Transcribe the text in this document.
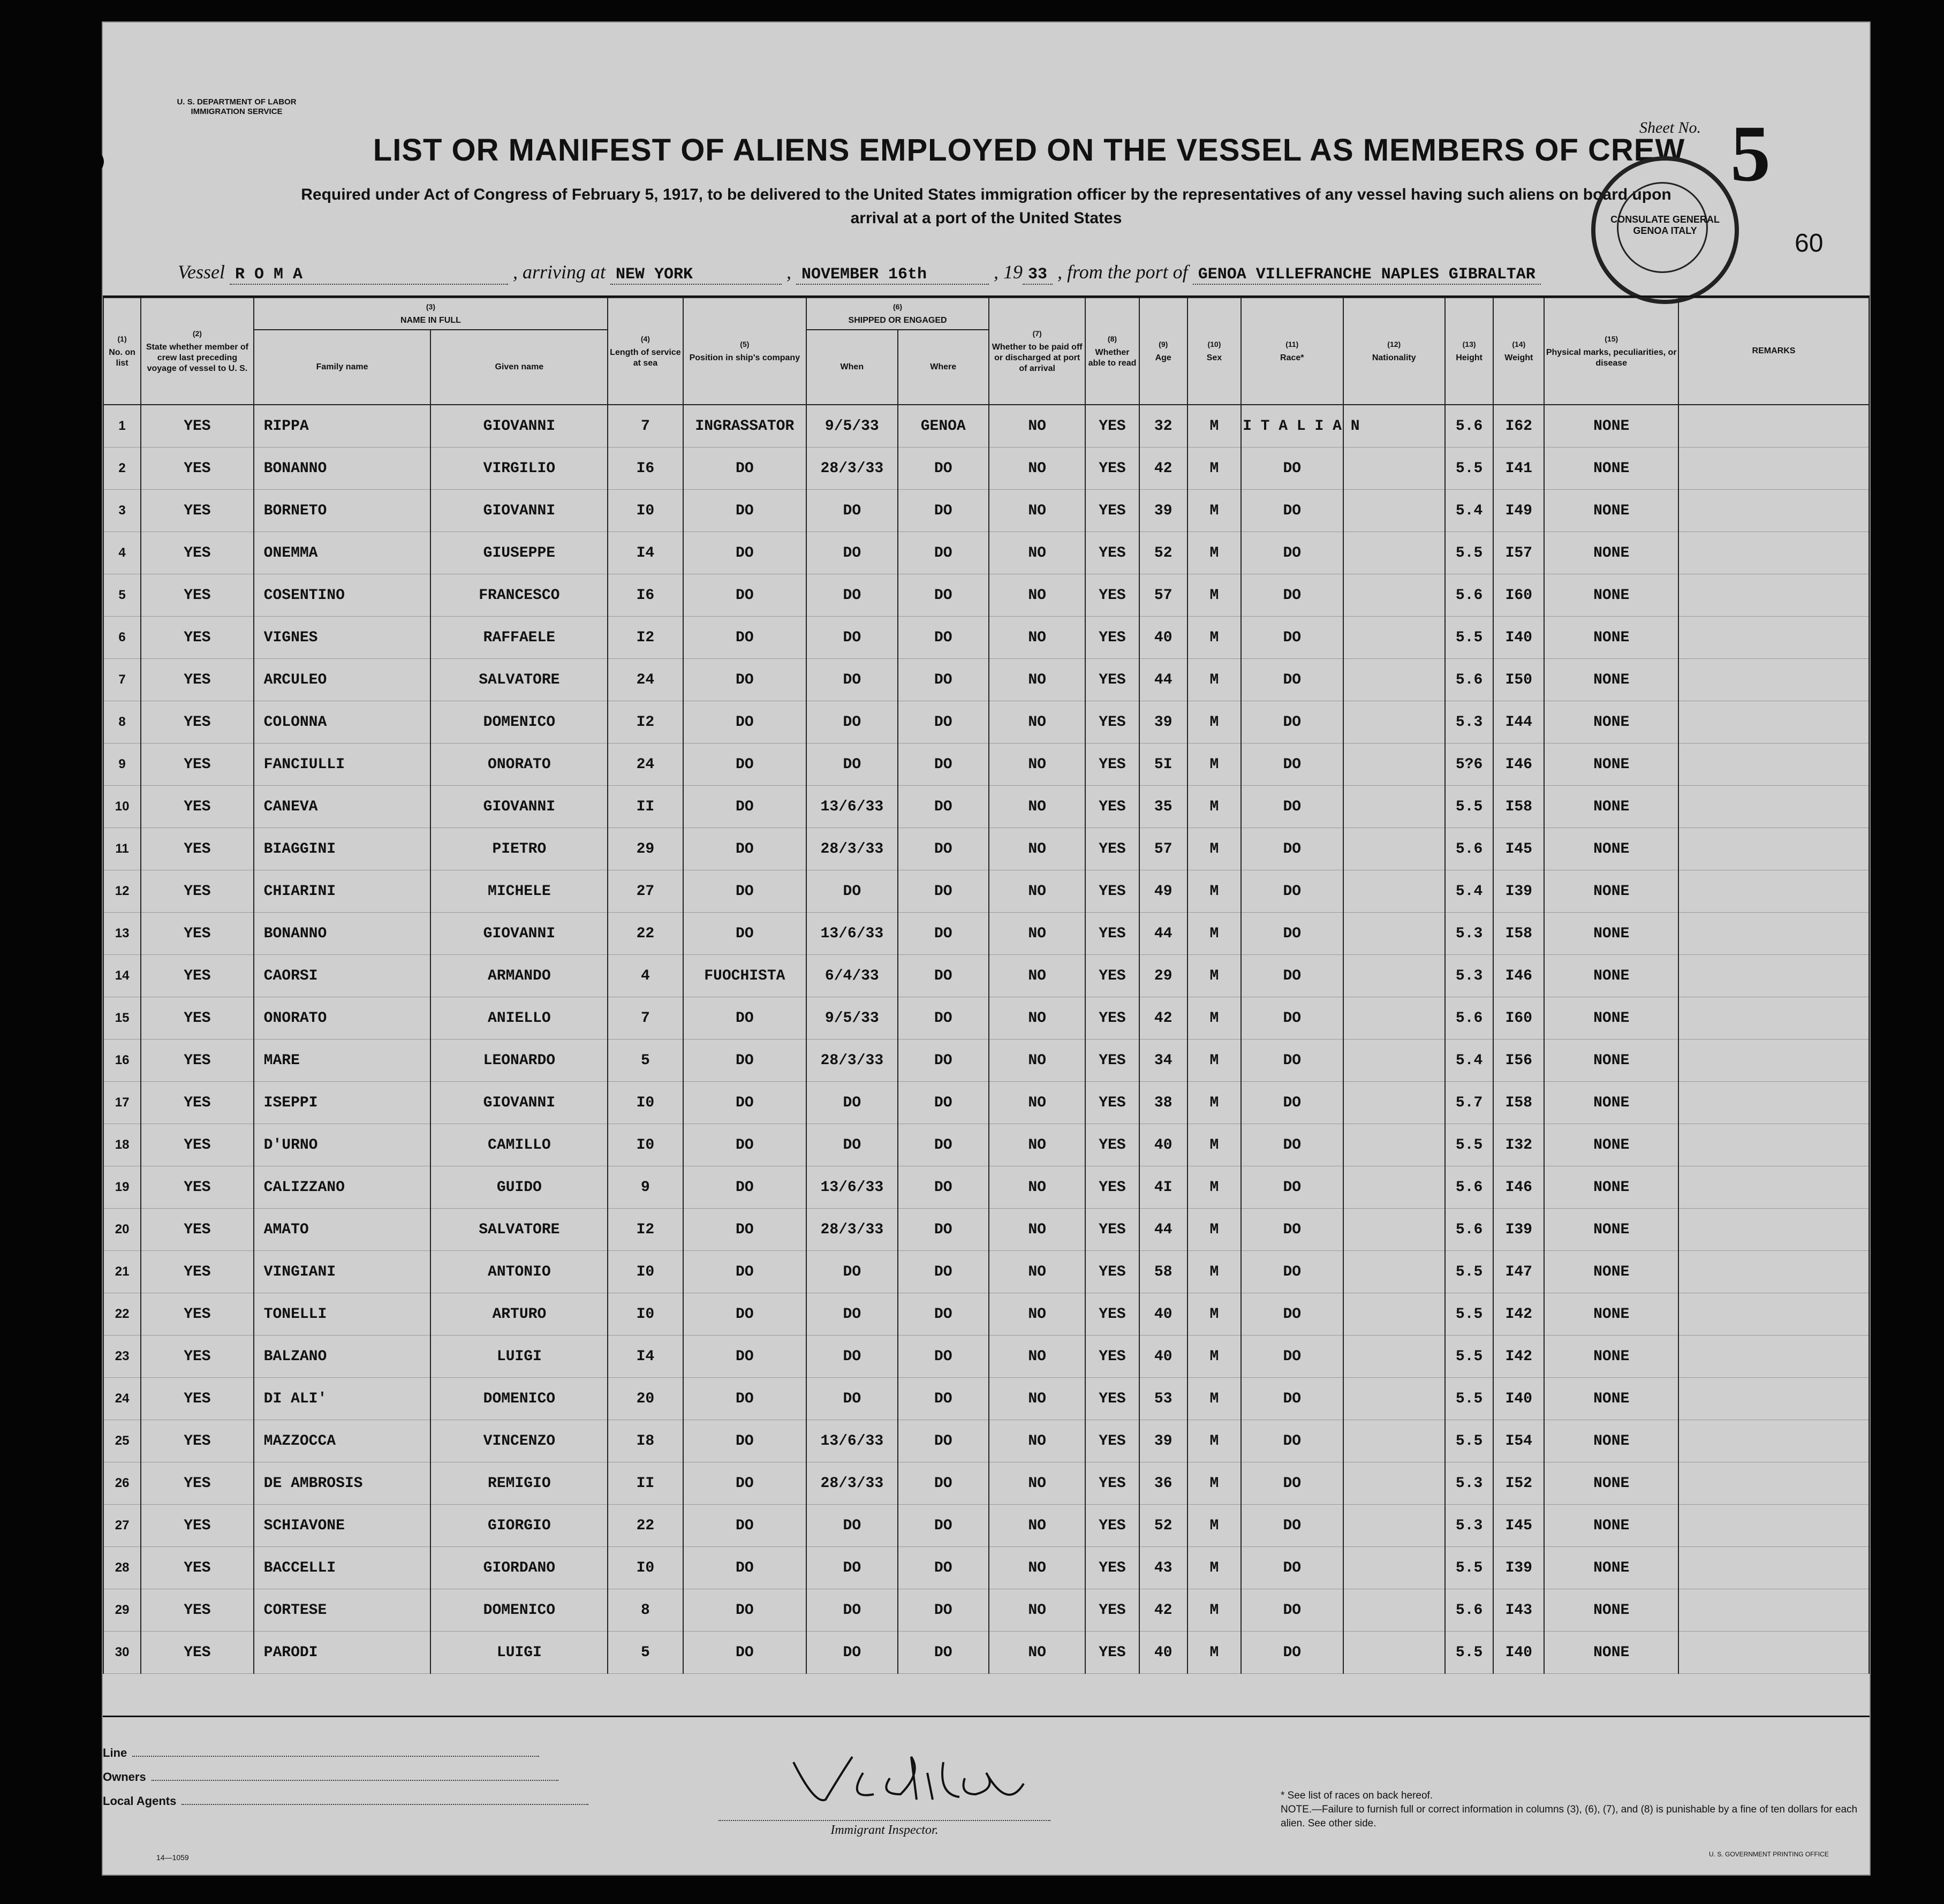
U. S. DEPARTMENT OF LABOR
IMMIGRATION SERVICE
LIST OR MANIFEST OF ALIENS EMPLOYED ON THE VESSEL AS MEMBERS OF CREW
Required under Act of Congress of February 5, 1917, to be delivered to the United States immigration officer by the representatives of any vessel having such aliens on board upon arrival at a port of the United States
Sheet No. 5
60
CONSULATE GENERAL GENOA ITALY
Vessel R O M A	, arriving at NEW YORK	, NOVEMBER 16th	, 19 33 , from the port of GENOA VILLEFRANCHE NAPLES GIBRALTAR
(1)
No. on list	(2)
State whether member of crew last preceding voyage of vessel to U. S.	(3)
NAME IN FULL		(4)
Length of service at sea	(5)
Position in ship's company	(6)
SHIPPED OR ENGAGED		(7)
Whether to be paid off or discharged at port of arrival	(8)
Whether able to read	(9)
Age	(10)
Sex	(11)
Race*	(12)
Nationality	(13)
Height	(14)
Weight	(15)
Physical marks, peculiarities, or disease	REMARKS
		Family name	Given name			When	Where										
1	YES	RIPPA	GIOVANNI	7	INGRASSATOR	9/5/33	GENOA	NO	YES	32	M	I T A L I A N		5.6	I62	NONE	
2	YES	BONANNO	VIRGILIO	I6	DO	28/3/33	DO	NO	YES	42	M	DO		5.5	I41	NONE	
3	YES	BORNETO	GIOVANNI	I0	DO	DO	DO	NO	YES	39	M	DO		5.4	I49	NONE	
4	YES	ONEMMA	GIUSEPPE	I4	DO	DO	DO	NO	YES	52	M	DO		5.5	I57	NONE	
5	YES	COSENTINO	FRANCESCO	I6	DO	DO	DO	NO	YES	57	M	DO		5.6	I60	NONE	
6	YES	VIGNES	RAFFAELE	I2	DO	DO	DO	NO	YES	40	M	DO		5.5	I40	NONE	
7	YES	ARCULEO	SALVATORE	24	DO	DO	DO	NO	YES	44	M	DO		5.6	I50	NONE	
8	YES	COLONNA	DOMENICO	I2	DO	DO	DO	NO	YES	39	M	DO		5.3	I44	NONE	
9	YES	FANCIULLI	ONORATO	24	DO	DO	DO	NO	YES	5I	M	DO		5?6	I46	NONE	
10	YES	CANEVA	GIOVANNI	II	DO	13/6/33	DO	NO	YES	35	M	DO		5.5	I58	NONE	
11	YES	BIAGGINI	PIETRO	29	DO	28/3/33	DO	NO	YES	57	M	DO		5.6	I45	NONE	
12	YES	CHIARINI	MICHELE	27	DO	DO	DO	NO	YES	49	M	DO		5.4	I39	NONE	
13	YES	BONANNO	GIOVANNI	22	DO	13/6/33	DO	NO	YES	44	M	DO		5.3	I58	NONE	
14	YES	CAORSI	ARMANDO	4	FUOCHISTA	6/4/33	DO	NO	YES	29	M	DO		5.3	I46	NONE	
15	YES	ONORATO	ANIELLO	7	DO	9/5/33	DO	NO	YES	42	M	DO		5.6	I60	NONE	
16	YES	MARE	LEONARDO	5	DO	28/3/33	DO	NO	YES	34	M	DO		5.4	I56	NONE	
17	YES	ISEPPI	GIOVANNI	I0	DO	DO	DO	NO	YES	38	M	DO		5.7	I58	NONE	
18	YES	D'URNO	CAMILLO	I0	DO	DO	DO	NO	YES	40	M	DO		5.5	I32	NONE	
19	YES	CALIZZANO	GUIDO	9	DO	13/6/33	DO	NO	YES	4I	M	DO		5.6	I46	NONE	
20	YES	AMATO	SALVATORE	I2	DO	28/3/33	DO	NO	YES	44	M	DO		5.6	I39	NONE	
21	YES	VINGIANI	ANTONIO	I0	DO	DO	DO	NO	YES	58	M	DO		5.5	I47	NONE	
22	YES	TONELLI	ARTURO	I0	DO	DO	DO	NO	YES	40	M	DO		5.5	I42	NONE	
23	YES	BALZANO	LUIGI	I4	DO	DO	DO	NO	YES	40	M	DO		5.5	I42	NONE	
24	YES	DI ALI'	DOMENICO	20	DO	DO	DO	NO	YES	53	M	DO		5.5	I40	NONE	
25	YES	MAZZOCCA	VINCENZO	I8	DO	13/6/33	DO	NO	YES	39	M	DO		5.5	I54	NONE	
26	YES	DE AMBROSIS	REMIGIO	II	DO	28/3/33	DO	NO	YES	36	M	DO		5.3	I52	NONE	
27	YES	SCHIAVONE	GIORGIO	22	DO	DO	DO	NO	YES	52	M	DO		5.3	I45	NONE	
28	YES	BACCELLI	GIORDANO	I0	DO	DO	DO	NO	YES	43	M	DO		5.5	I39	NONE	
29	YES	CORTESE	DOMENICO	8	DO	DO	DO	NO	YES	42	M	DO		5.6	I43	NONE	
30	YES	PARODI	LUIGI	5	DO	DO	DO	NO	YES	40	M	DO		5.5	I40	NONE	
Line
Owners
Local Agents
14—1059
Immigrant Inspector.
* See list of races on back hereof.
NOTE.—Failure to furnish full or correct information in columns (3), (6), (7), and (8) is punishable by a fine of ten dollars for each alien. See other side.
U. S. GOVERNMENT PRINTING OFFICE
